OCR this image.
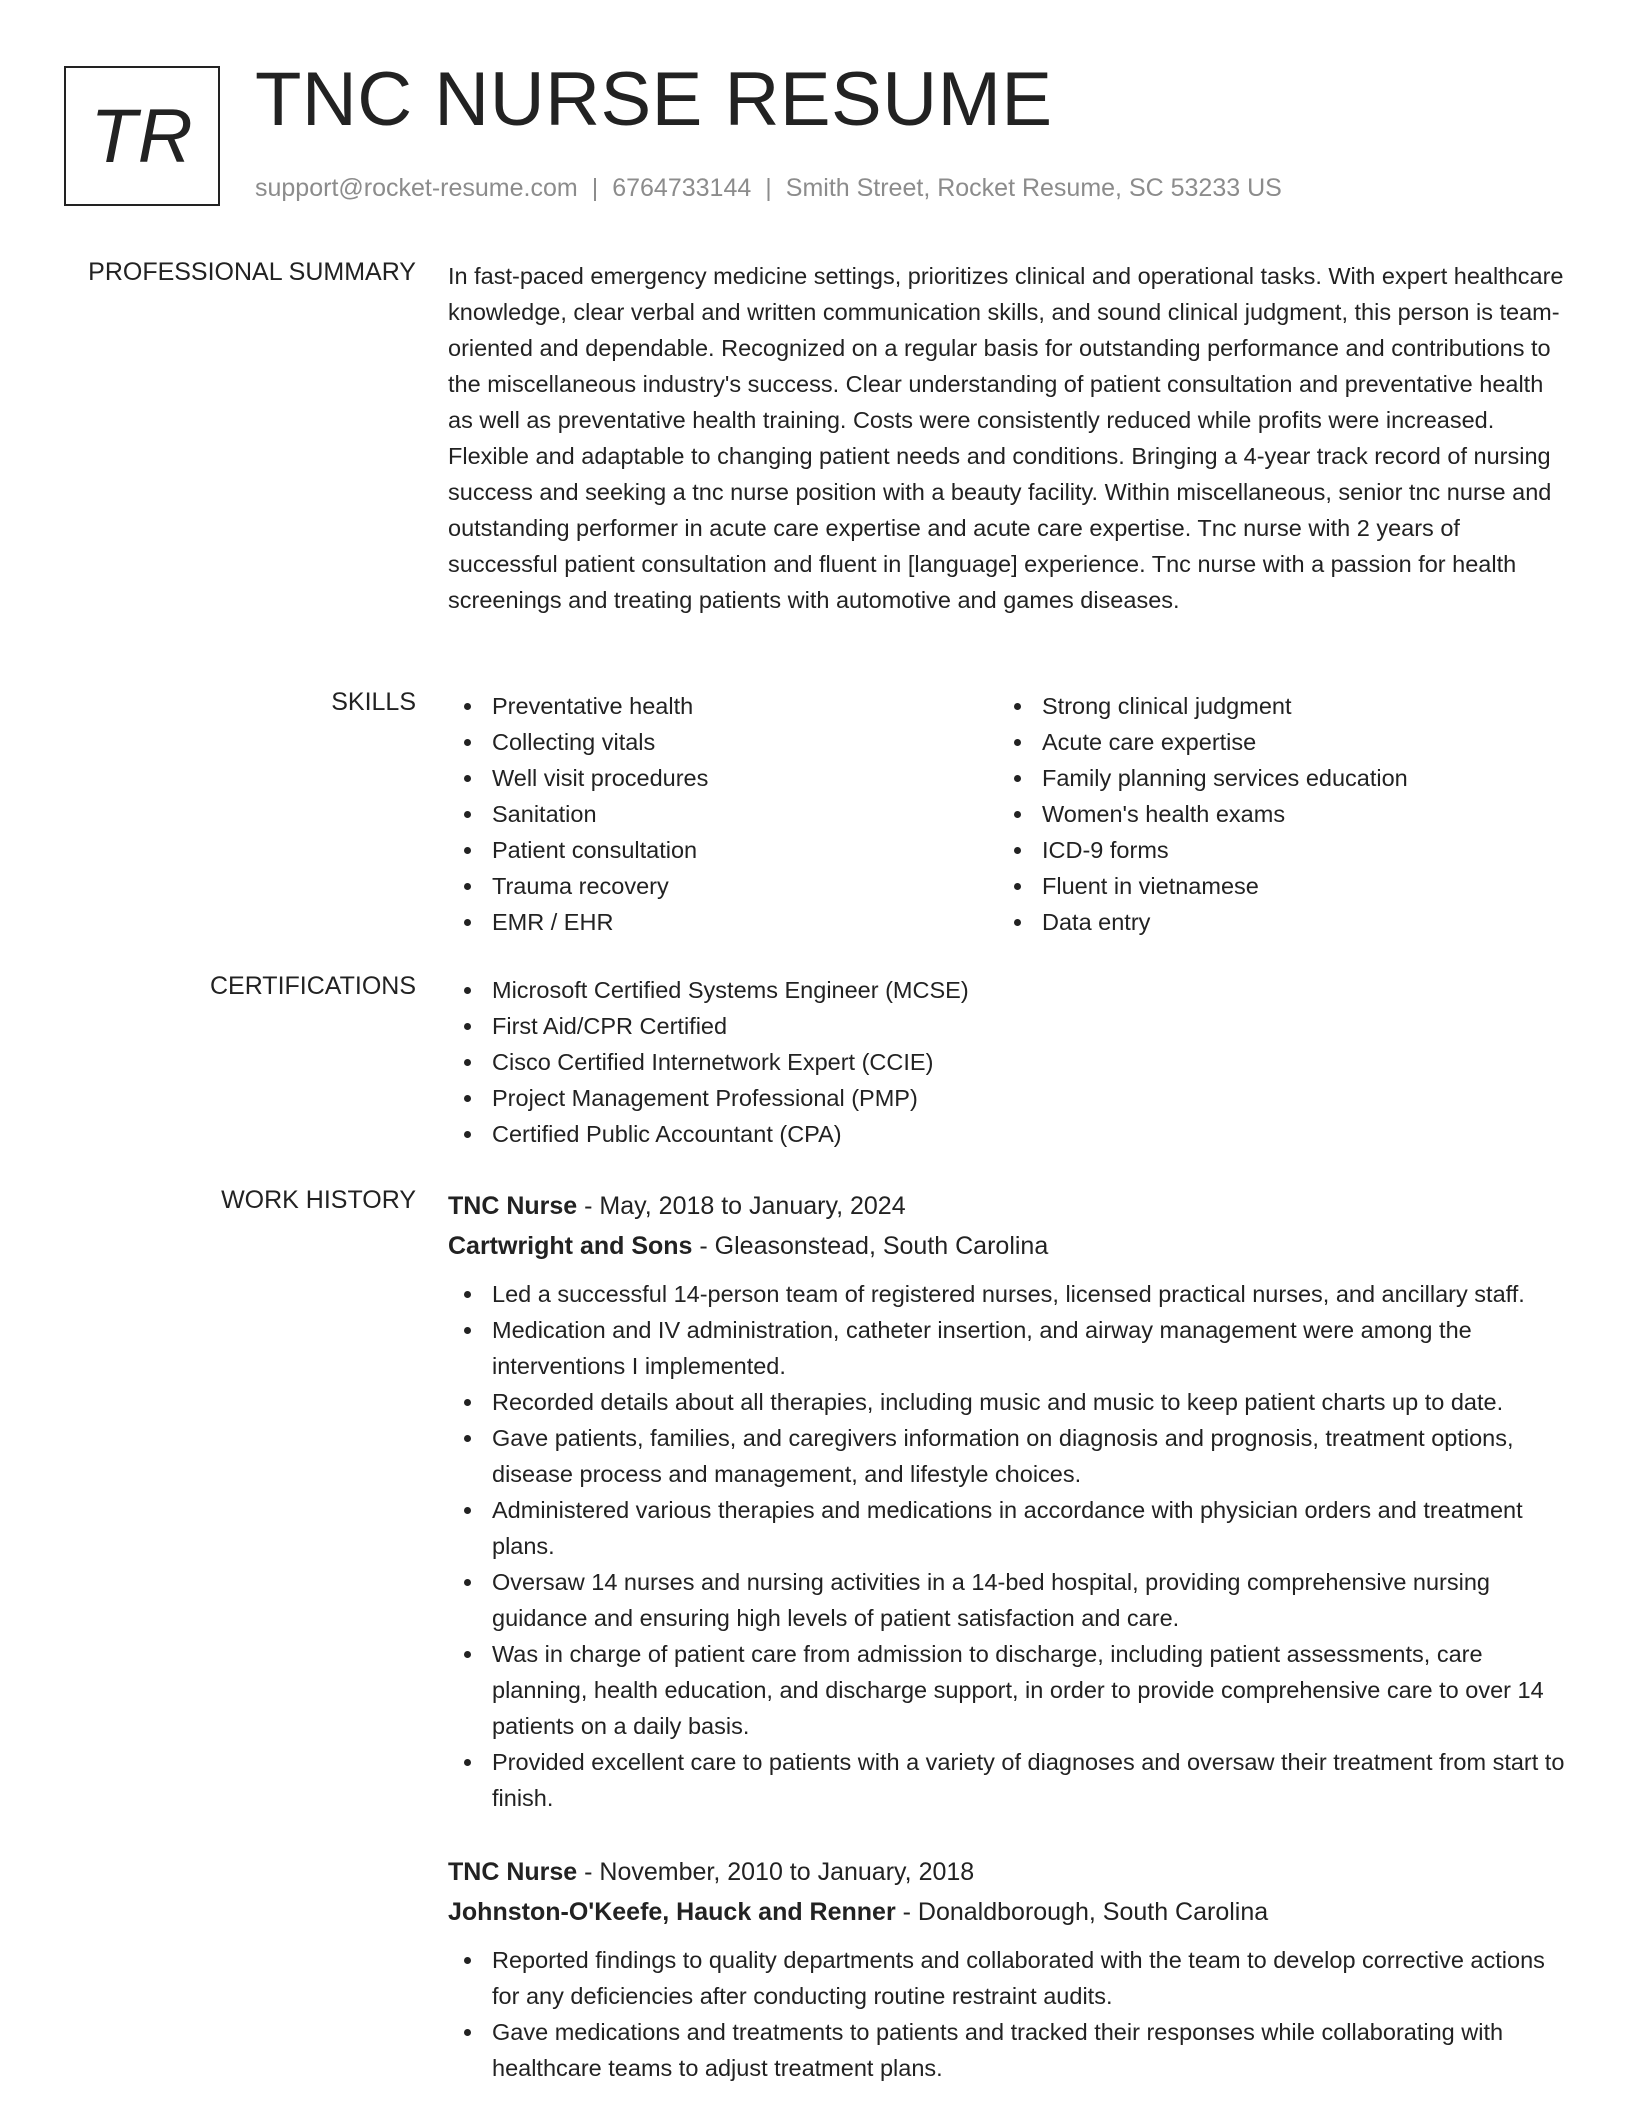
TR TNC NURSE RESUME
support@rocket-resume.com | 6764733144 | Smith Street, Rocket Resume, SC 53233 US
PROFESSIONAL SUMMARY In fast-paced emergency medicine settings, prioritizes clinical and operational tasks. With expert healthcare knowledge, clear verbal and written communication skills, and sound clinical judgment, this person is team-oriented and dependable. Recognized on a regular basis for outstanding performance and contributions to the miscellaneous industry's success. Clear understanding of patient consultation and preventative health as well as preventative health training. Costs were consistently reduced while profits were increased. Flexible and adaptable to changing patient needs and conditions. Bringing a 4-year track record of nursing success and seeking a tnc nurse position with a beauty facility. Within miscellaneous, senior tnc nurse and outstanding performer in acute care expertise and acute care expertise. Tnc nurse with 2 years of successful patient consultation and fluent in [language] experience. Tnc nurse with a passion for health screenings and treating patients with automotive and games diseases.

SKILLS	Preventative health
Collecting vitals
Well visit procedures
Sanitation
Patient consultation
Trauma recovery
EMR / EHR
Strong clinical judgment
Acute care expertise
Family planning services education
Women's health exams
ICD-9 forms
Fluent in vietnamese
Data entry
CERTIFICATIONS	Microsoft Certified Systems Engineer (MCSE)
First Aid/CPR Certified
Cisco Certified Internetwork Expert (CCIE)
Project Management Professional (PMP)
Certified Public Accountant (CPA)
WORK HISTORY TNC Nurse - May, 2018 to January, 2024
Cartwright and Sons - Gleasonstead, South Carolina
Led a successful 14-person team of registered nurses, licensed practical nurses, and ancillary staff.
Medication and IV administration, catheter insertion, and airway management were among the interventions I implemented.
Recorded details about all therapies, including music and music to keep patient charts up to date.
Gave patients, families, and caregivers information on diagnosis and prognosis, treatment options, disease process and management, and lifestyle choices.
Administered various therapies and medications in accordance with physician orders and treatment plans.
Oversaw 14 nurses and nursing activities in a 14-bed hospital, providing comprehensive nursing guidance and ensuring high levels of patient satisfaction and care.
Was in charge of patient care from admission to discharge, including patient assessments, care planning, health education, and discharge support, in order to provide comprehensive care to over 14 patients on a daily basis.
Provided excellent care to patients with a variety of diagnoses and oversaw their treatment from start to finish.
TNC Nurse - November, 2010 to January, 2018
Johnston-O'Keefe, Hauck and Renner - Donaldborough, South Carolina
Reported findings to quality departments and collaborated with the team to develop corrective actions for any deficiencies after conducting routine restraint audits.
Gave medications and treatments to patients and tracked their responses while collaborating with healthcare teams to adjust treatment plans.
